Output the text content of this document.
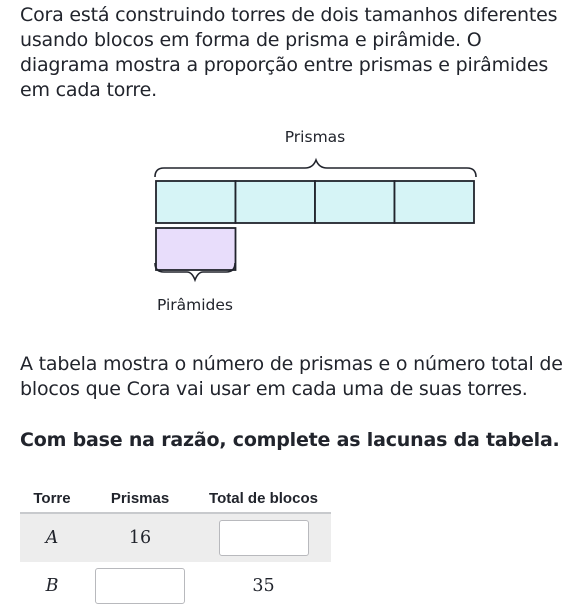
Cora está construindo torres de dois tamanhos diferentes usando blocos em forma de prisma e pirâmide. O diagrama mostra a proporção entre prismas e pirâmides em cada torre.
Prismas
Pirâmides
A tabela mostra o número de prismas e o número total de blocos que Cora vai usar em cada uma de suas torres.
Com base na razão, complete as lacunas da tabela.
Torre	Prismas	Total de blocos
A	16	
B		35
